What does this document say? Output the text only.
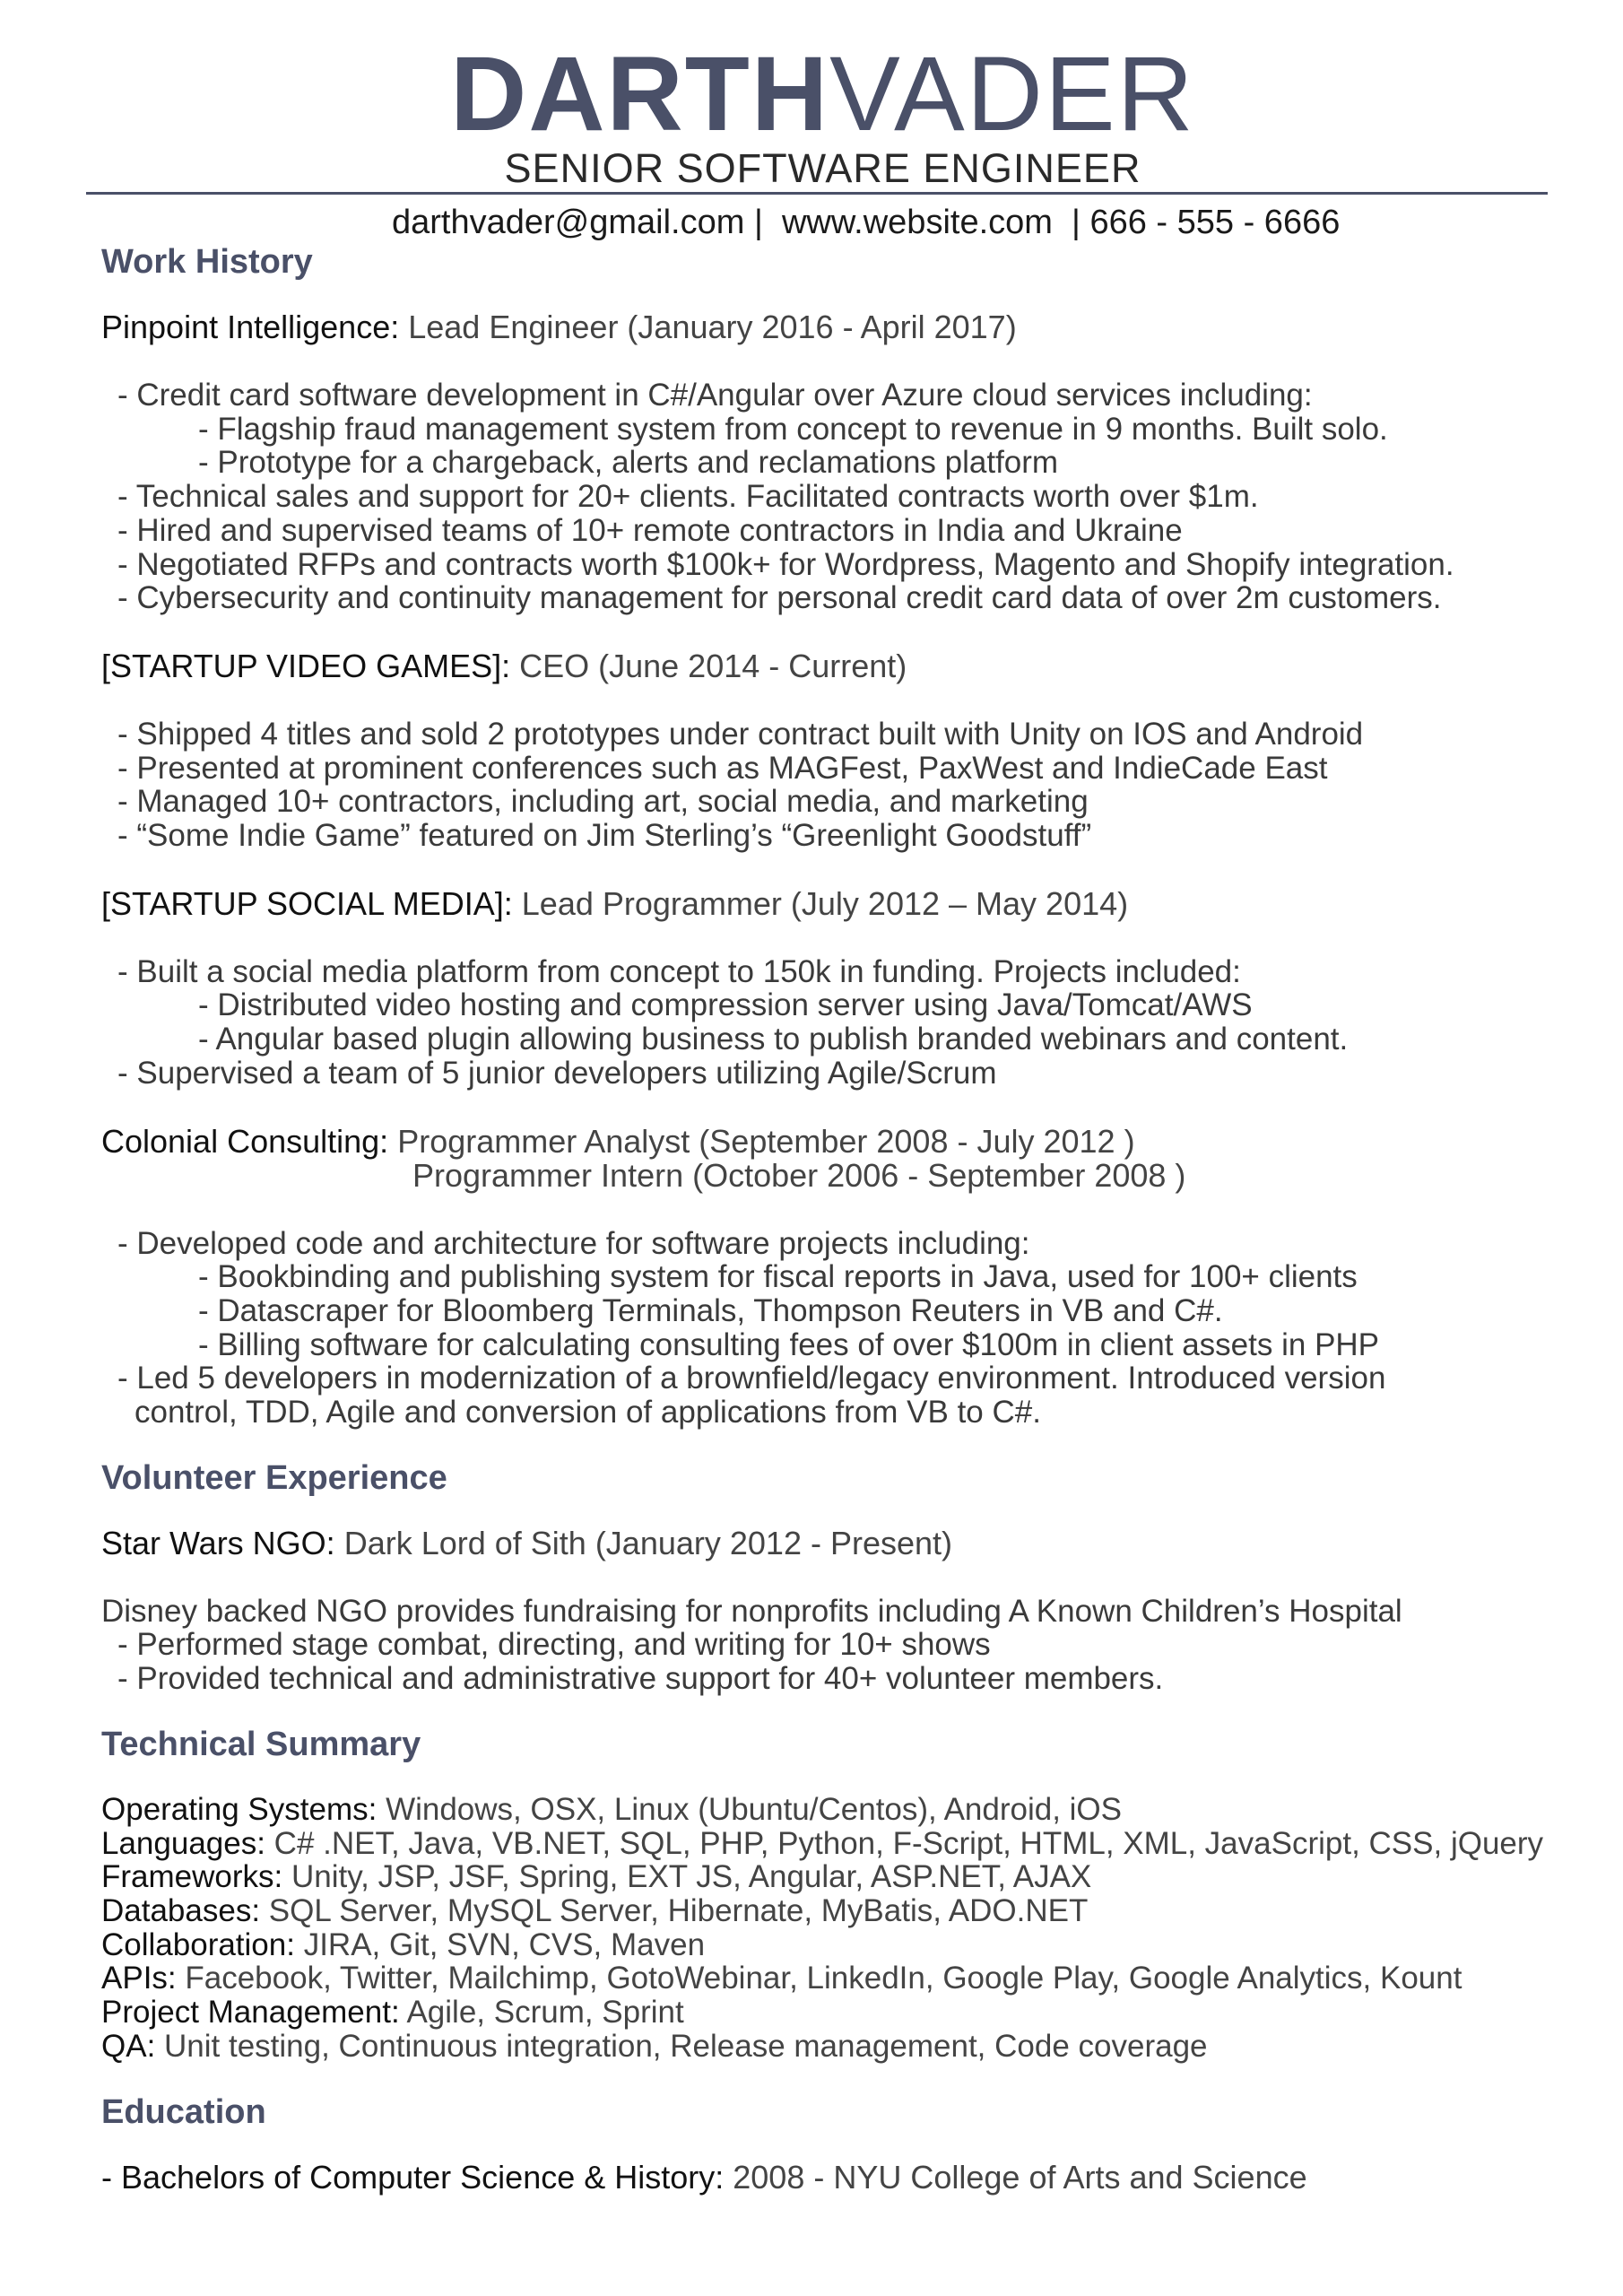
DARTHVADER
SENIOR SOFTWARE ENGINEER
darthvader@gmail.com |  www.website.com  | 666 - 555 - 6666
Work History
Pinpoint Intelligence: Lead Engineer (January 2016 - April 2017)
- Credit card software development in C#/Angular over Azure cloud services including:
- Flagship fraud management system from concept to revenue in 9 months. Built solo.
- Prototype for a chargeback, alerts and reclamations platform
- Technical sales and support for 20+ clients. Facilitated contracts worth over $1m.
- Hired and supervised teams of 10+ remote contractors in India and Ukraine
- Negotiated RFPs and contracts worth $100k+ for Wordpress, Magento and Shopify integration.
- Cybersecurity and continuity management for personal credit card data of over 2m customers.
[STARTUP VIDEO GAMES]: CEO (June 2014 - Current)
- Shipped 4 titles and sold 2 prototypes under contract built with Unity on IOS and Android
- Presented at prominent conferences such as MAGFest, PaxWest and IndieCade East
- Managed 10+ contractors, including art, social media, and marketing
- “Some Indie Game” featured on Jim Sterling’s “Greenlight Goodstuff”
[STARTUP SOCIAL MEDIA]: Lead Programmer (July 2012 – May 2014)
- Built a social media platform from concept to 150k in funding. Projects included:
- Distributed video hosting and compression server using Java/Tomcat/AWS
- Angular based plugin allowing business to publish branded webinars and content.
- Supervised a team of 5 junior developers utilizing Agile/Scrum
Colonial Consulting: Programmer Analyst (September 2008 - July 2012 )
Programmer Intern (October 2006 - September 2008 )
- Developed code and architecture for software projects including:
- Bookbinding and publishing system for fiscal reports in Java, used for 100+ clients
- Datascraper for Bloomberg Terminals, Thompson Reuters in VB and C#.
- Billing software for calculating consulting fees of over $100m in client assets in PHP
- Led 5 developers in modernization of a brownfield/legacy environment. Introduced version
control, TDD, Agile and conversion of applications from VB to C#.
Volunteer Experience
Star Wars NGO: Dark Lord of Sith (January 2012 - Present)
Disney backed NGO provides fundraising for nonprofits including A Known Children’s Hospital
- Performed stage combat, directing, and writing for 10+ shows
- Provided technical and administrative support for 40+ volunteer members.
Technical Summary
Operating Systems: Windows, OSX, Linux (Ubuntu/Centos), Android, iOS
Languages: C# .NET, Java, VB.NET, SQL, PHP, Python, F-Script, HTML, XML, JavaScript, CSS, jQuery
Frameworks: Unity, JSP, JSF, Spring, EXT JS, Angular, ASP.NET, AJAX
Databases: SQL Server, MySQL Server, Hibernate, MyBatis, ADO.NET
Collaboration: JIRA, Git, SVN, CVS, Maven
APIs: Facebook, Twitter, Mailchimp, GotoWebinar, LinkedIn, Google Play, Google Analytics, Kount
Project Management: Agile, Scrum, Sprint
QA: Unit testing, Continuous integration, Release management, Code coverage
Education
- Bachelors of Computer Science & History: 2008 - NYU College of Arts and Science
